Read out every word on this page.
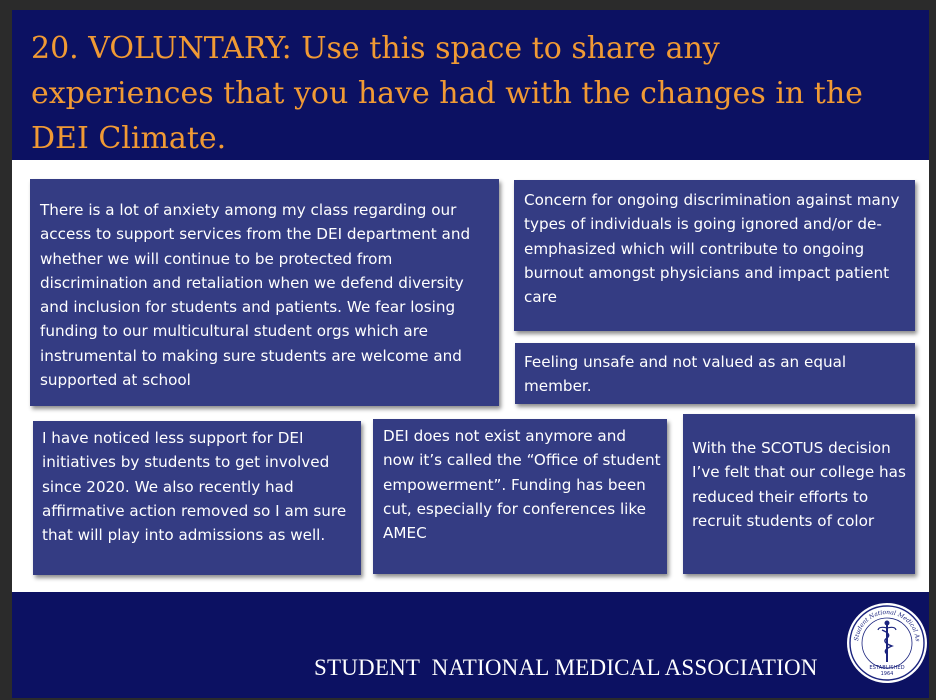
20. VOLUNTARY: Use this space to share any experiences that you have had with the changes in the DEI Climate.

There is a lot of anxiety among my class regarding our access to support services from the DEI department and whether we will continue to be protected from discrimination and retaliation when we defend diversity and inclusion for students and patients. We fear losing funding to our multicultural student orgs which are instrumental to making sure students are welcome and supported at school

Concern for ongoing discrimination against many types of individuals is going ignored and/or de-emphasized which will contribute to ongoing burnout amongst physicians and impact patient care

Feeling unsafe and not valued as an equal member.

I have noticed less support for DEI initiatives by students to get involved since 2020. We also recently had affirmative action removed so I am sure that will play into admissions as well.

DEI does not exist anymore and now it’s called the “Office of student empowerment”. Funding has been cut, especially for conferences like AMEC

With the SCOTUS decision I’ve felt that our college has reduced their efforts to recruit students of color

STUDENT  NATIONAL MEDICAL ASSOCIATION
Student National Medical As
ESTABLISHED
1964
